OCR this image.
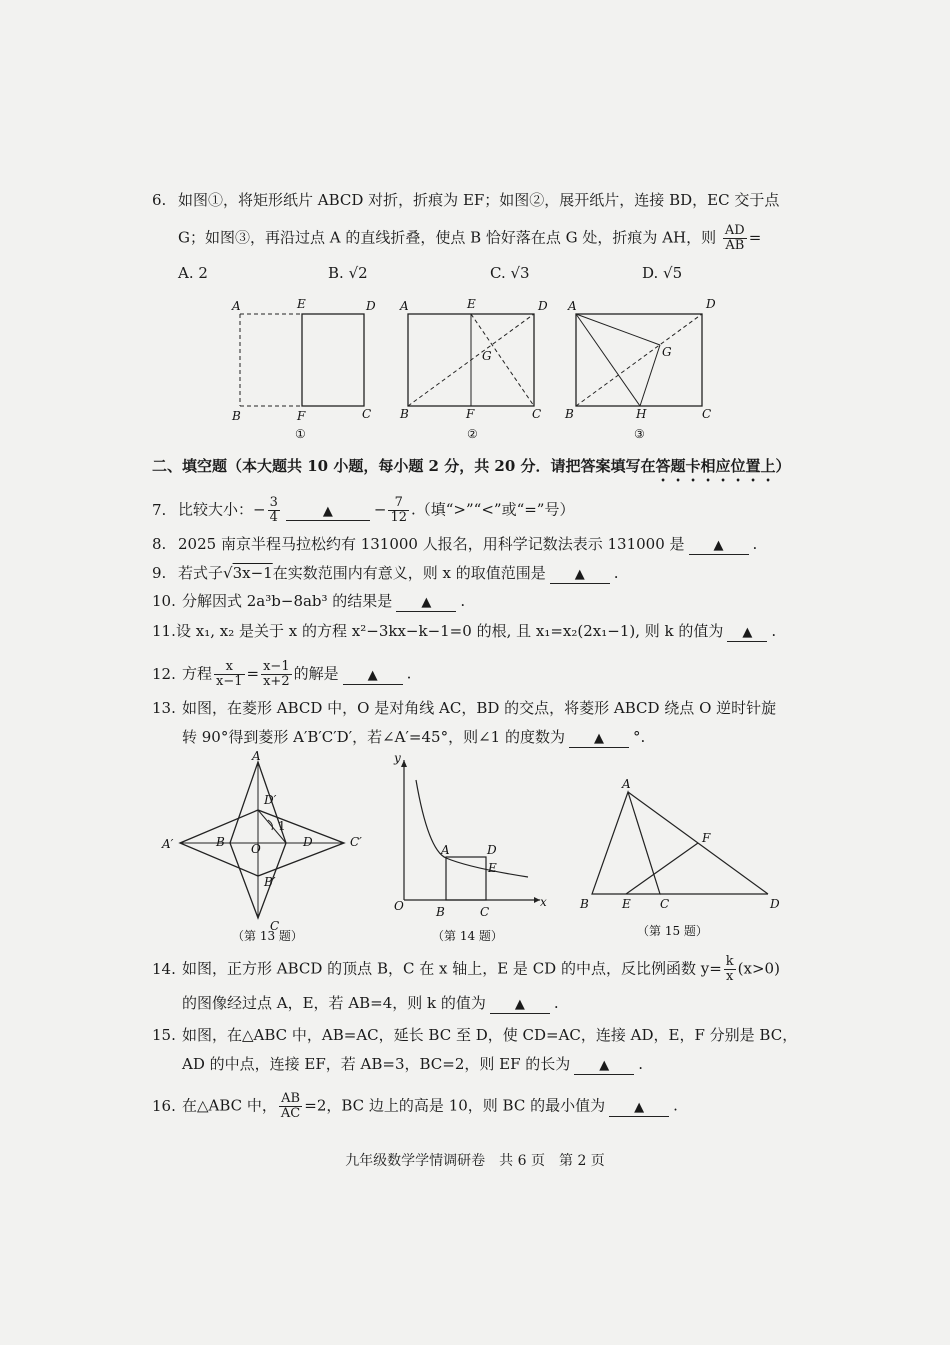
6. 如图①，将矩形纸片 ABCD 对折，折痕为 EF；如图②，展开纸片，连接 BD，EC 交于点
G；如图③，再沿过点 A 的直线折叠，使点 B 恰好落在点 G 处，折痕为 AH，则 $\frac{AD}{AB}$ =
A. 2	B. √2	C. √3	D. √5
A	E	D
B	F	C
A	E	D
B	F	C
G
A	D
B	H	C
G
①	②	③
二、填空题（本大题共 10 小题，每小题 2 分，共 20 分．请把答案填写在答题卡相应位置上）
7. 比较大小：− $\frac{3}{4}$	▲	− $\frac{7}{12}$ .（填“>”“<”或“=”号）
8. 2025 南京半程马拉松约有 131000 人报名，用科学记数法表示 131000 是 ▲ .
9. 若式子√3x−1在实数范围内有意义，则 x 的取值范围是 ▲ .
10. 分解因式 2a³b−8ab³ 的结果是 ▲ .
11.设 x₁, x₂ 是关于 x 的方程 x²−3kx−k−1=0 的根, 且 x₁=x₂(2x₁−1), 则 k 的值为 ▲ .
12. 方程 $\frac{x}{x-1} = \frac{x-1}{x+2}$ 的解是 ▲ .
13. 如图，在菱形 ABCD 中，O 是对角线 AC，BD 的交点，将菱形 ABCD 绕点 O 逆时针旋
转 90°得到菱形 A′B′C′D′，若∠A′=45°，则∠1 的度数为 ▲ °.
A
A′	B O	D	C′
D′
B′
C
1
（第 13 题）
y
x
O
A	D
E
B	C
（第 14 题）
A
F
B	E C	D
（第 15 题）
14. 如图，正方形 ABCD 的顶点 B，C 在 x 轴上，E 是 CD 的中点，反比例函数 $y= \frac{k}{x} (x>0)$
的图像经过点 A，E，若 AB=4，则 k 的值为 ▲ .
15. 如图，在△ABC 中，AB=AC，延长 BC 至 D，使 CD=AC，连接 AD，E，F 分别是 BC，
AD 的中点，连接 EF，若 AB=3，BC=2，则 EF 的长为 ▲ .
16. 在△ABC 中， $\frac{AB}{AC} =2$，BC 边上的高是 10，则 BC 的最小值为 ▲ .
九年级数学学情调研卷　共 6 页　第 2 页
